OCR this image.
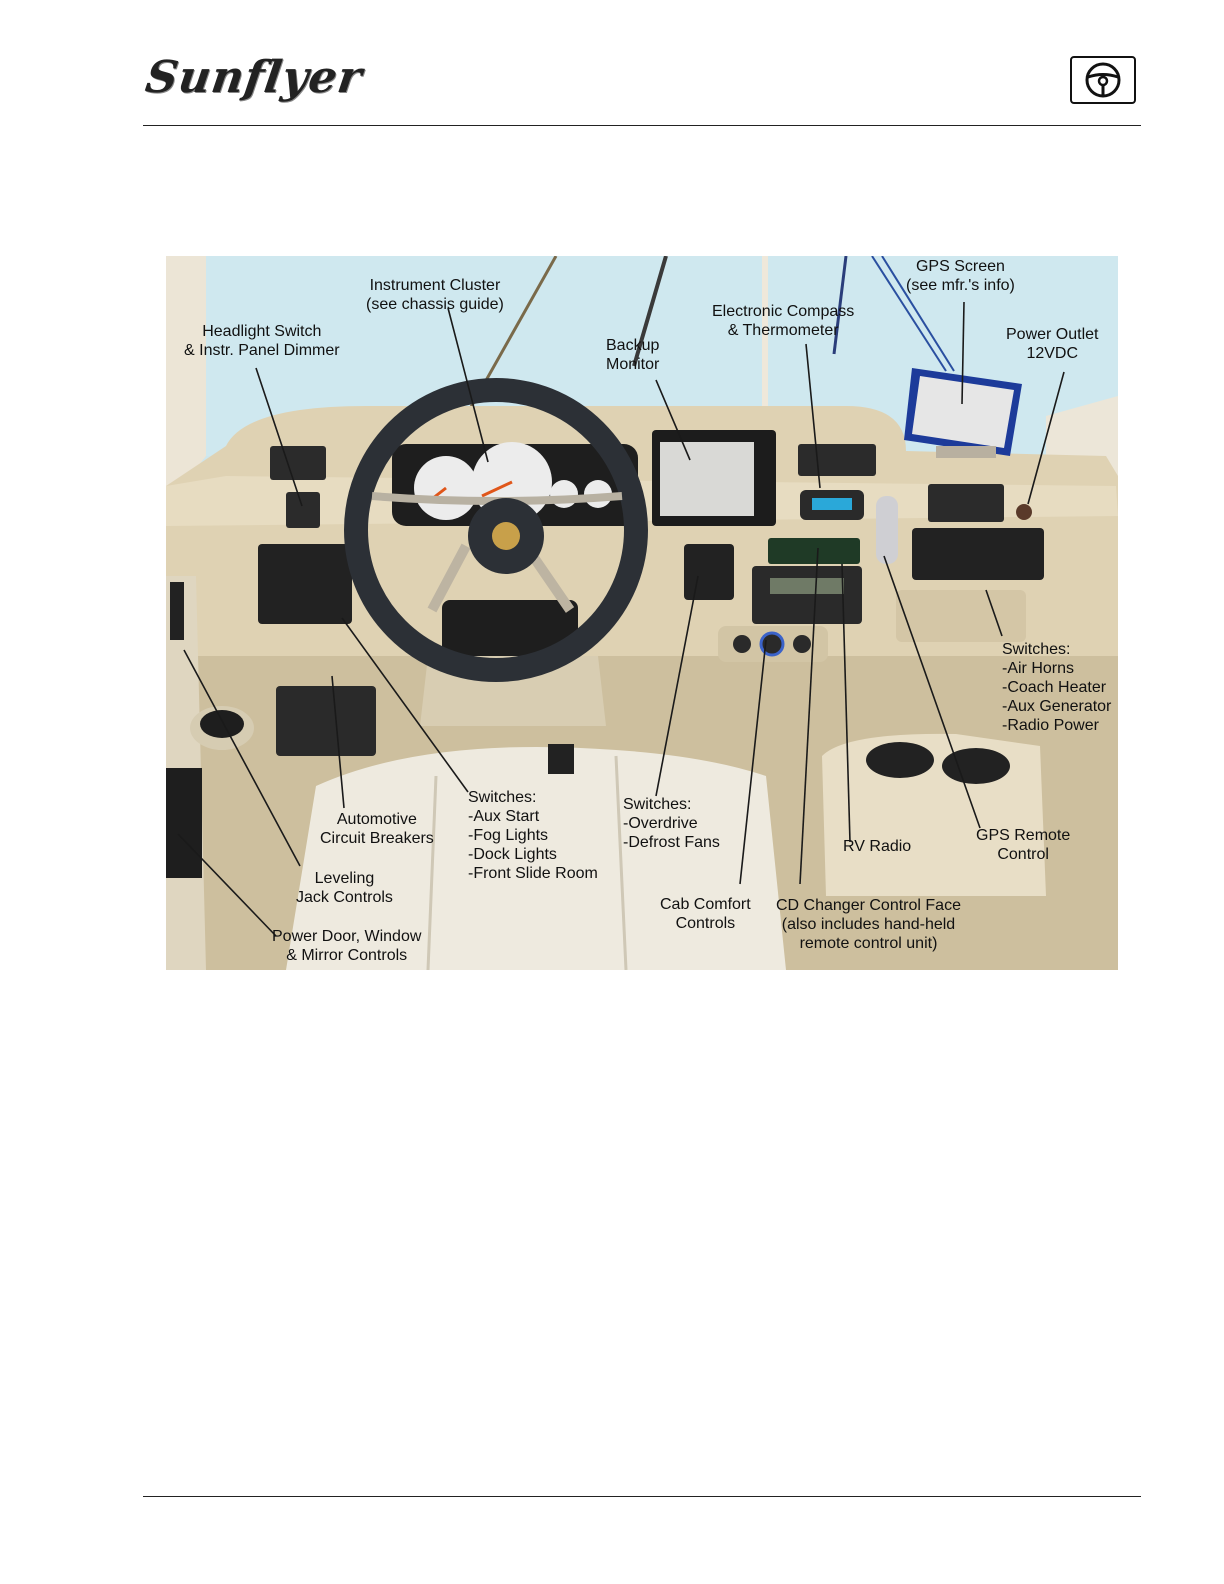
Sunflyer
Instrument Cluster
(see chassis guide)
Headlight Switch
& Instr. Panel Dimmer	Backup
Monitor
Electronic Compass
& Thermometer
GPS Screen
(see mfr.'s info)
Power Outlet
12VDC
Switches:
-Air Horns
-Coach Heater
-Aux Generator
-Radio Power
Automotive
Circuit Breakers
Switches:
-Aux Start
-Fog Lights
-Dock Lights
-Front Slide Room
Switches:
-Overdrive
-Defrost Fans	RV Radio
GPS Remote
Control
Leveling
Jack Controls	Cab Comfort
Controls
CD Changer Control Face
(also includes hand-held
remote control unit)
Power Door, Window
& Mirror Controls
